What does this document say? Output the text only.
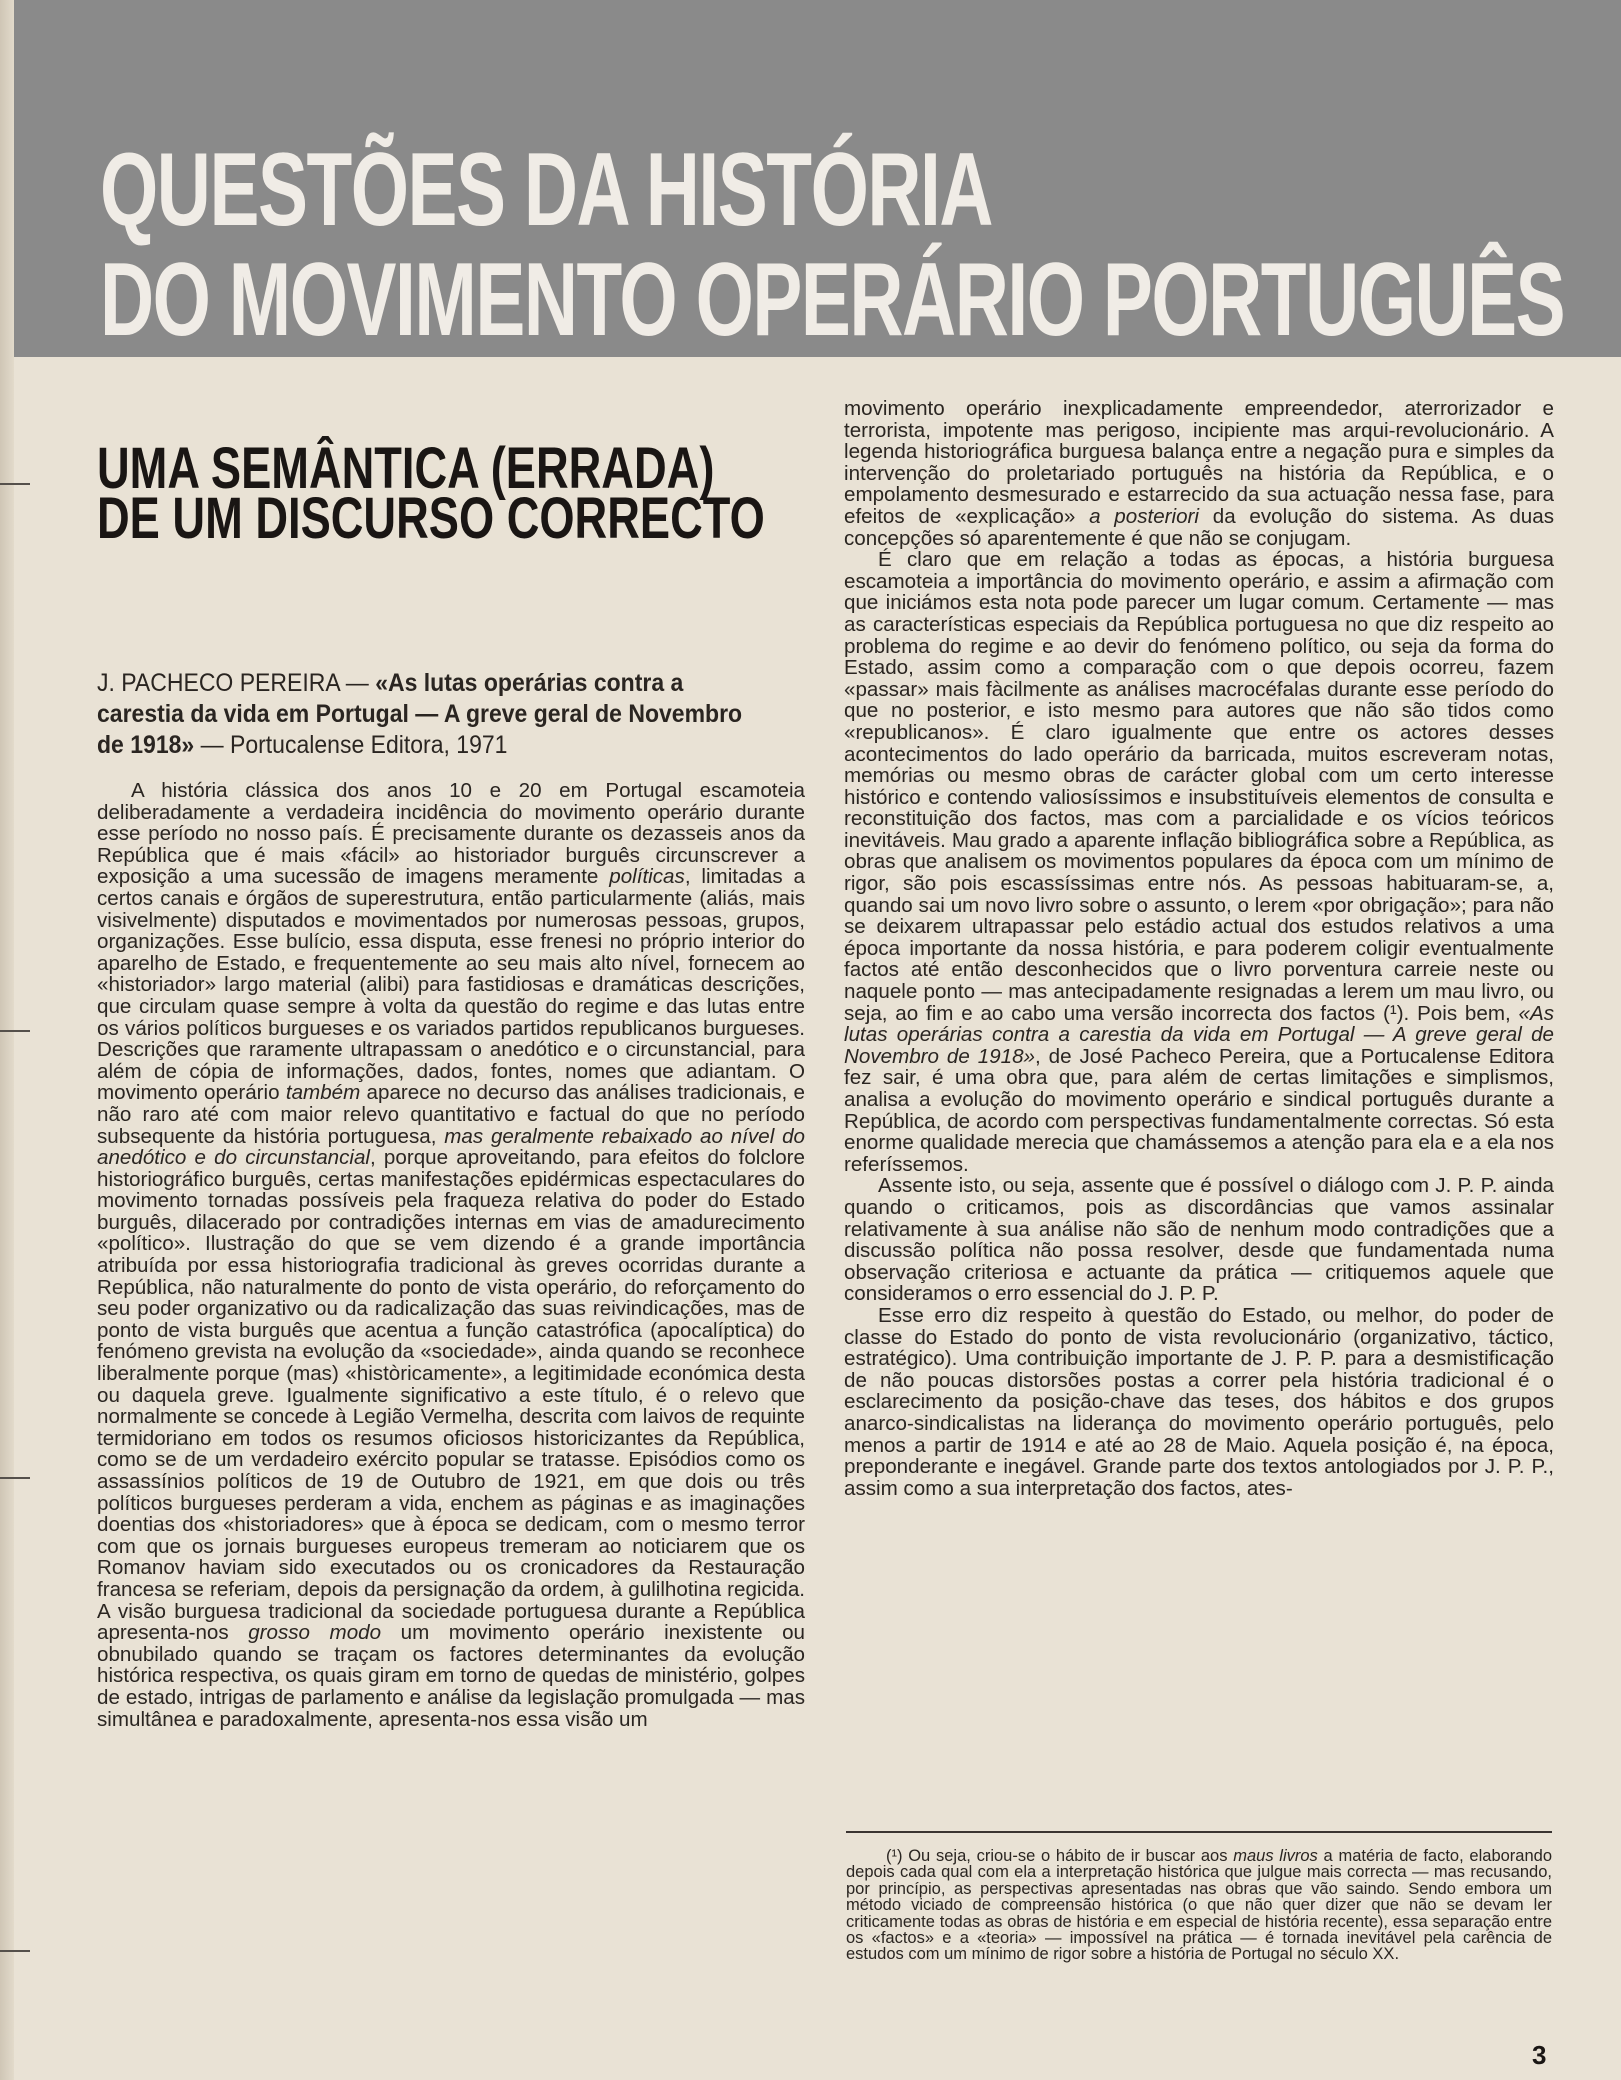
QUESTÕES DA HISTÓRIA
DO MOVIMENTO OPERÁRIO PORTUGUÊS
UMA SEMÂNTICA (ERRADA)
DE UM DISCURSO CORRECTO
J. PACHECO PEREIRA — «As lutas operárias contra a carestia da vida em Portugal — A greve geral de Novembro de 1918» — Portucalense Editora, 1971

A história clássica dos anos 10 e 20 em Portugal escamoteia deliberadamente a verdadeira incidência do movimento operário durante esse período no nosso país. É precisamente durante os dezasseis anos da República que é mais «fácil» ao historiador burguês circunscrever a exposição a uma sucessão de imagens meramente políticas, limitadas a certos canais e órgãos de superestrutura, então particularmente (aliás, mais visivelmente) disputados e movimentados por numerosas pessoas, grupos, organizações. Esse bulício, essa disputa, esse frenesi no próprio interior do aparelho de Estado, e frequentemente ao seu mais alto nível, fornecem ao «historiador» largo material (alibi) para fastidiosas e dramáticas descrições, que circulam quase sempre à volta da questão do regime e das lutas entre os vários políticos burgueses e os variados partidos republicanos burgueses. Descrições que raramente ultrapassam o anedótico e o circunstancial, para além de cópia de informações, dados, fontes, nomes que adiantam. O movimento operário também aparece no decurso das análises tradicionais, e não raro até com maior relevo quantitativo e factual do que no período subsequente da história portuguesa, mas geralmente rebaixado ao nível do anedótico e do circunstancial, porque aproveitando, para efeitos do folclore historiográfico burguês, certas manifestações epidérmicas espectaculares do movimento tornadas possíveis pela fraqueza relativa do poder do Estado burguês, dilacerado por contradições internas em vias de amadurecimento «político». Ilustração do que se vem dizendo é a grande importância atribuída por essa historiografia tradicional às greves ocorridas durante a República, não naturalmente do ponto de vista operário, do reforçamento do seu poder organizativo ou da radicalização das suas reivindicações, mas de ponto de vista burguês que acentua a função catastrófica (apocalíptica) do fenómeno grevista na evolução da «sociedade», ainda quando se reconhece liberalmente porque (mas) «històricamente», a legitimidade económica desta ou daquela greve. Igualmente significativo a este título, é o relevo que normalmente se concede à Legião Vermelha, descrita com laivos de requinte termidoriano em todos os resumos oficiosos historicizantes da República, como se de um verdadeiro exército popular se tratasse. Episódios como os assassínios políticos de 19 de Outubro de 1921, em que dois ou três políticos burgueses perderam a vida, enchem as páginas e as imaginações doentias dos «historiadores» que à época se dedicam, com o mesmo terror com que os jornais burgueses europeus tremeram ao noticiarem que os Romanov haviam sido executados ou os cronicadores da Restauração francesa se referiam, depois da persignação da ordem, à gulilhotina regicida. A visão burguesa tradicional da sociedade portuguesa durante a República apresenta-nos grosso modo um movimento operário inexistente ou obnubilado quando se traçam os factores determinantes da evolução histórica respectiva, os quais giram em torno de quedas de ministério, golpes de estado, intrigas de parlamento e análise da legislação promulgada — mas simultânea e paradoxalmente, apresenta-nos essa visão um

movimento operário inexplicadamente empreendedor, aterrorizador e terrorista, impotente mas perigoso, incipiente mas arqui-revolucionário. A legenda historiográfica burguesa balança entre a negação pura e simples da intervenção do proletariado português na história da República, e o empolamento desmesurado e estarrecido da sua actuação nessa fase, para efeitos de «explicação» a posteriori da evolução do sistema. As duas concepções só aparentemente é que não se conjugam.

É claro que em relação a todas as épocas, a história burguesa escamoteia a importância do movimento operário, e assim a afirmação com que iniciámos esta nota pode parecer um lugar comum. Certamente — mas as características especiais da República portuguesa no que diz respeito ao problema do regime e ao devir do fenómeno político, ou seja da forma do Estado, assim como a comparação com o que depois ocorreu, fazem «passar» mais fàcilmente as análises macrocéfalas durante esse período do que no posterior, e isto mesmo para autores que não são tidos como «republicanos». É claro igualmente que entre os actores desses acontecimentos do lado operário da barricada, muitos escreveram notas, memórias ou mesmo obras de carácter global com um certo interesse histórico e contendo valiosíssimos e insubstituíveis elementos de consulta e reconstituição dos factos, mas com a parcialidade e os vícios teóricos inevitáveis. Mau grado a aparente inflação bibliográfica sobre a República, as obras que analisem os movimentos populares da época com um mínimo de rigor, são pois escassíssimas entre nós. As pessoas habituaram-se, a, quando sai um novo livro sobre o assunto, o lerem «por obrigação»; para não se deixarem ultrapassar pelo estádio actual dos estudos relativos a uma época importante da nossa história, e para poderem coligir eventualmente factos até então desconhecidos que o livro porventura carreie neste ou naquele ponto — mas antecipadamente resignadas a lerem um mau livro, ou seja, ao fim e ao cabo uma versão incorrecta dos factos (¹). Pois bem, «As lutas operárias contra a carestia da vida em Portugal — A greve geral de Novembro de 1918», de José Pacheco Pereira, que a Portucalense Editora fez sair, é uma obra que, para além de certas limitações e simplismos, analisa a evolução do movimento operário e sindical português durante a República, de acordo com perspectivas fundamentalmente correctas. Só esta enorme qualidade merecia que chamássemos a atenção para ela e a ela nos referíssemos.

Assente isto, ou seja, assente que é possível o diálogo com J. P. P. ainda quando o criticamos, pois as discordâncias que vamos assinalar relativamente à sua análise não são de nenhum modo contradições que a discussão política não possa resolver, desde que fundamentada numa observação criteriosa e actuante da prática — critiquemos aquele que consideramos o erro essencial do J. P. P.

Esse erro diz respeito à questão do Estado, ou melhor, do poder de classe do Estado do ponto de vista revolucionário (organizativo, táctico, estratégico). Uma contribuição importante de J. P. P. para a desmistificação de não poucas distorsões postas a correr pela história tradicional é o esclarecimento da posição-chave das teses, dos hábitos e dos grupos anarco-sindicalistas na liderança do movimento operário português, pelo menos a partir de 1914 e até ao 28 de Maio. Aquela posição é, na época, preponderante e inegável. Grande parte dos textos antologiados por J. P. P., assim como a sua interpretação dos factos, ates-

(¹) Ou seja, criou-se o hábito de ir buscar aos maus livros a matéria de facto, elaborando depois cada qual com ela a interpretação histórica que julgue mais correcta — mas recusando, por princípio, as perspectivas apresentadas nas obras que vão saindo. Sendo embora um método viciado de compreensão histórica (o que não quer dizer que não se devam ler criticamente todas as obras de história e em especial de história recente), essa separação entre os «factos» e a «teoria» — impossível na prática — é tornada inevitável pela carência de estudos com um mínimo de rigor sobre a história de Portugal no século XX.

3
